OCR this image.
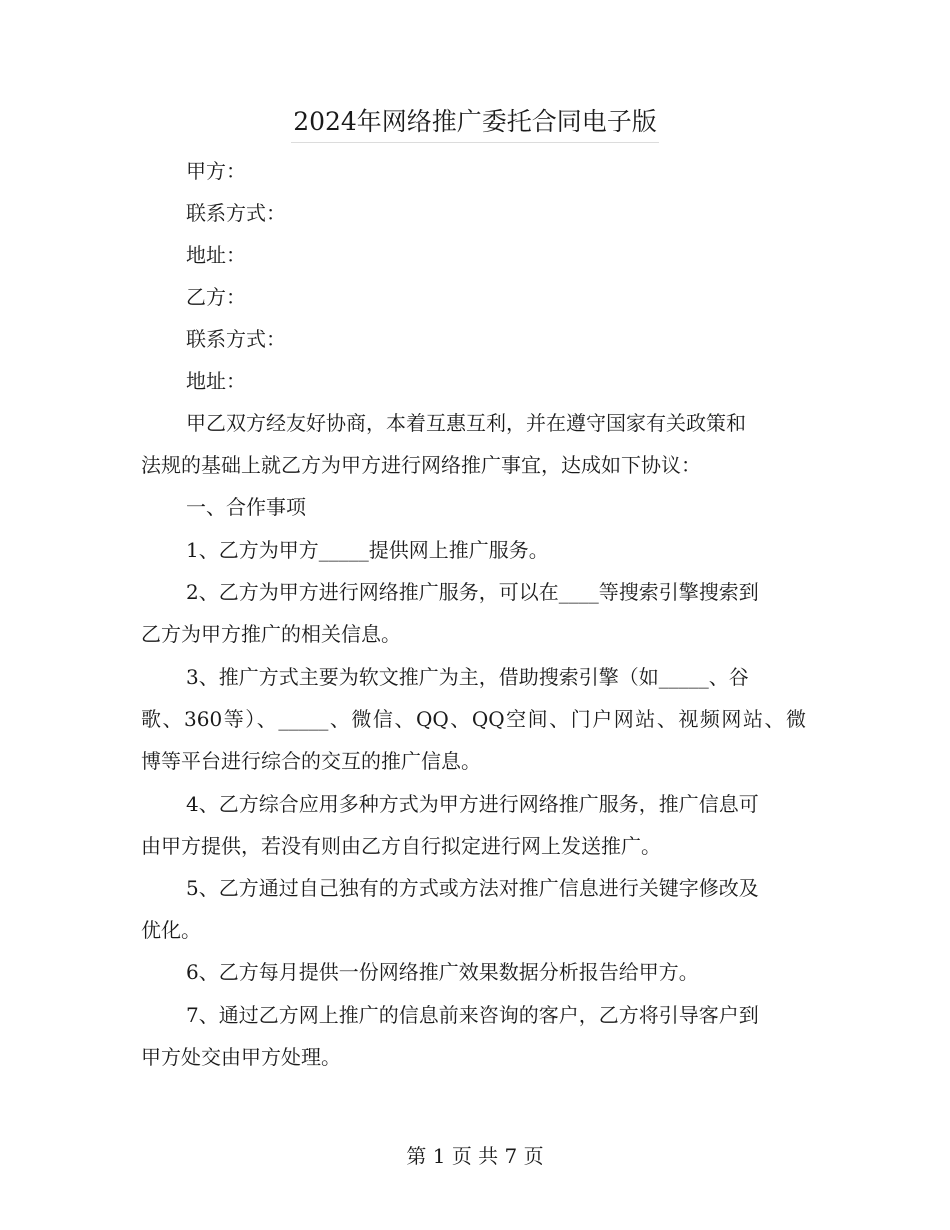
2024年网络推广委托合同电子版

甲方：

联系方式：

地址：

乙方：

联系方式：

地址：

甲乙双方经友好协商，本着互惠互利，并在遵守国家有关政策和

法规的基础上就乙方为甲方进行网络推广事宜，达成如下协议：

一、合作事项

1、乙方为甲方_____提供网上推广服务。

2、乙方为甲方进行网络推广服务，可以在____等搜索引擎搜索到

乙方为甲方推广的相关信息。

3、推广方式主要为软文推广为主，借助搜索引擎（如_____、谷

歌、360等）、_____、微信、QQ、QQ空间、门户网站、视频网站、微

博等平台进行综合的交互的推广信息。

4、乙方综合应用多种方式为甲方进行网络推广服务，推广信息可

由甲方提供，若没有则由乙方自行拟定进行网上发送推广。

5、乙方通过自己独有的方式或方法对推广信息进行关键字修改及

优化。

6、乙方每月提供一份网络推广效果数据分析报告给甲方。

7、通过乙方网上推广的信息前来咨询的客户，乙方将引导客户到

甲方处交由甲方处理。

第 1 页 共 7 页
